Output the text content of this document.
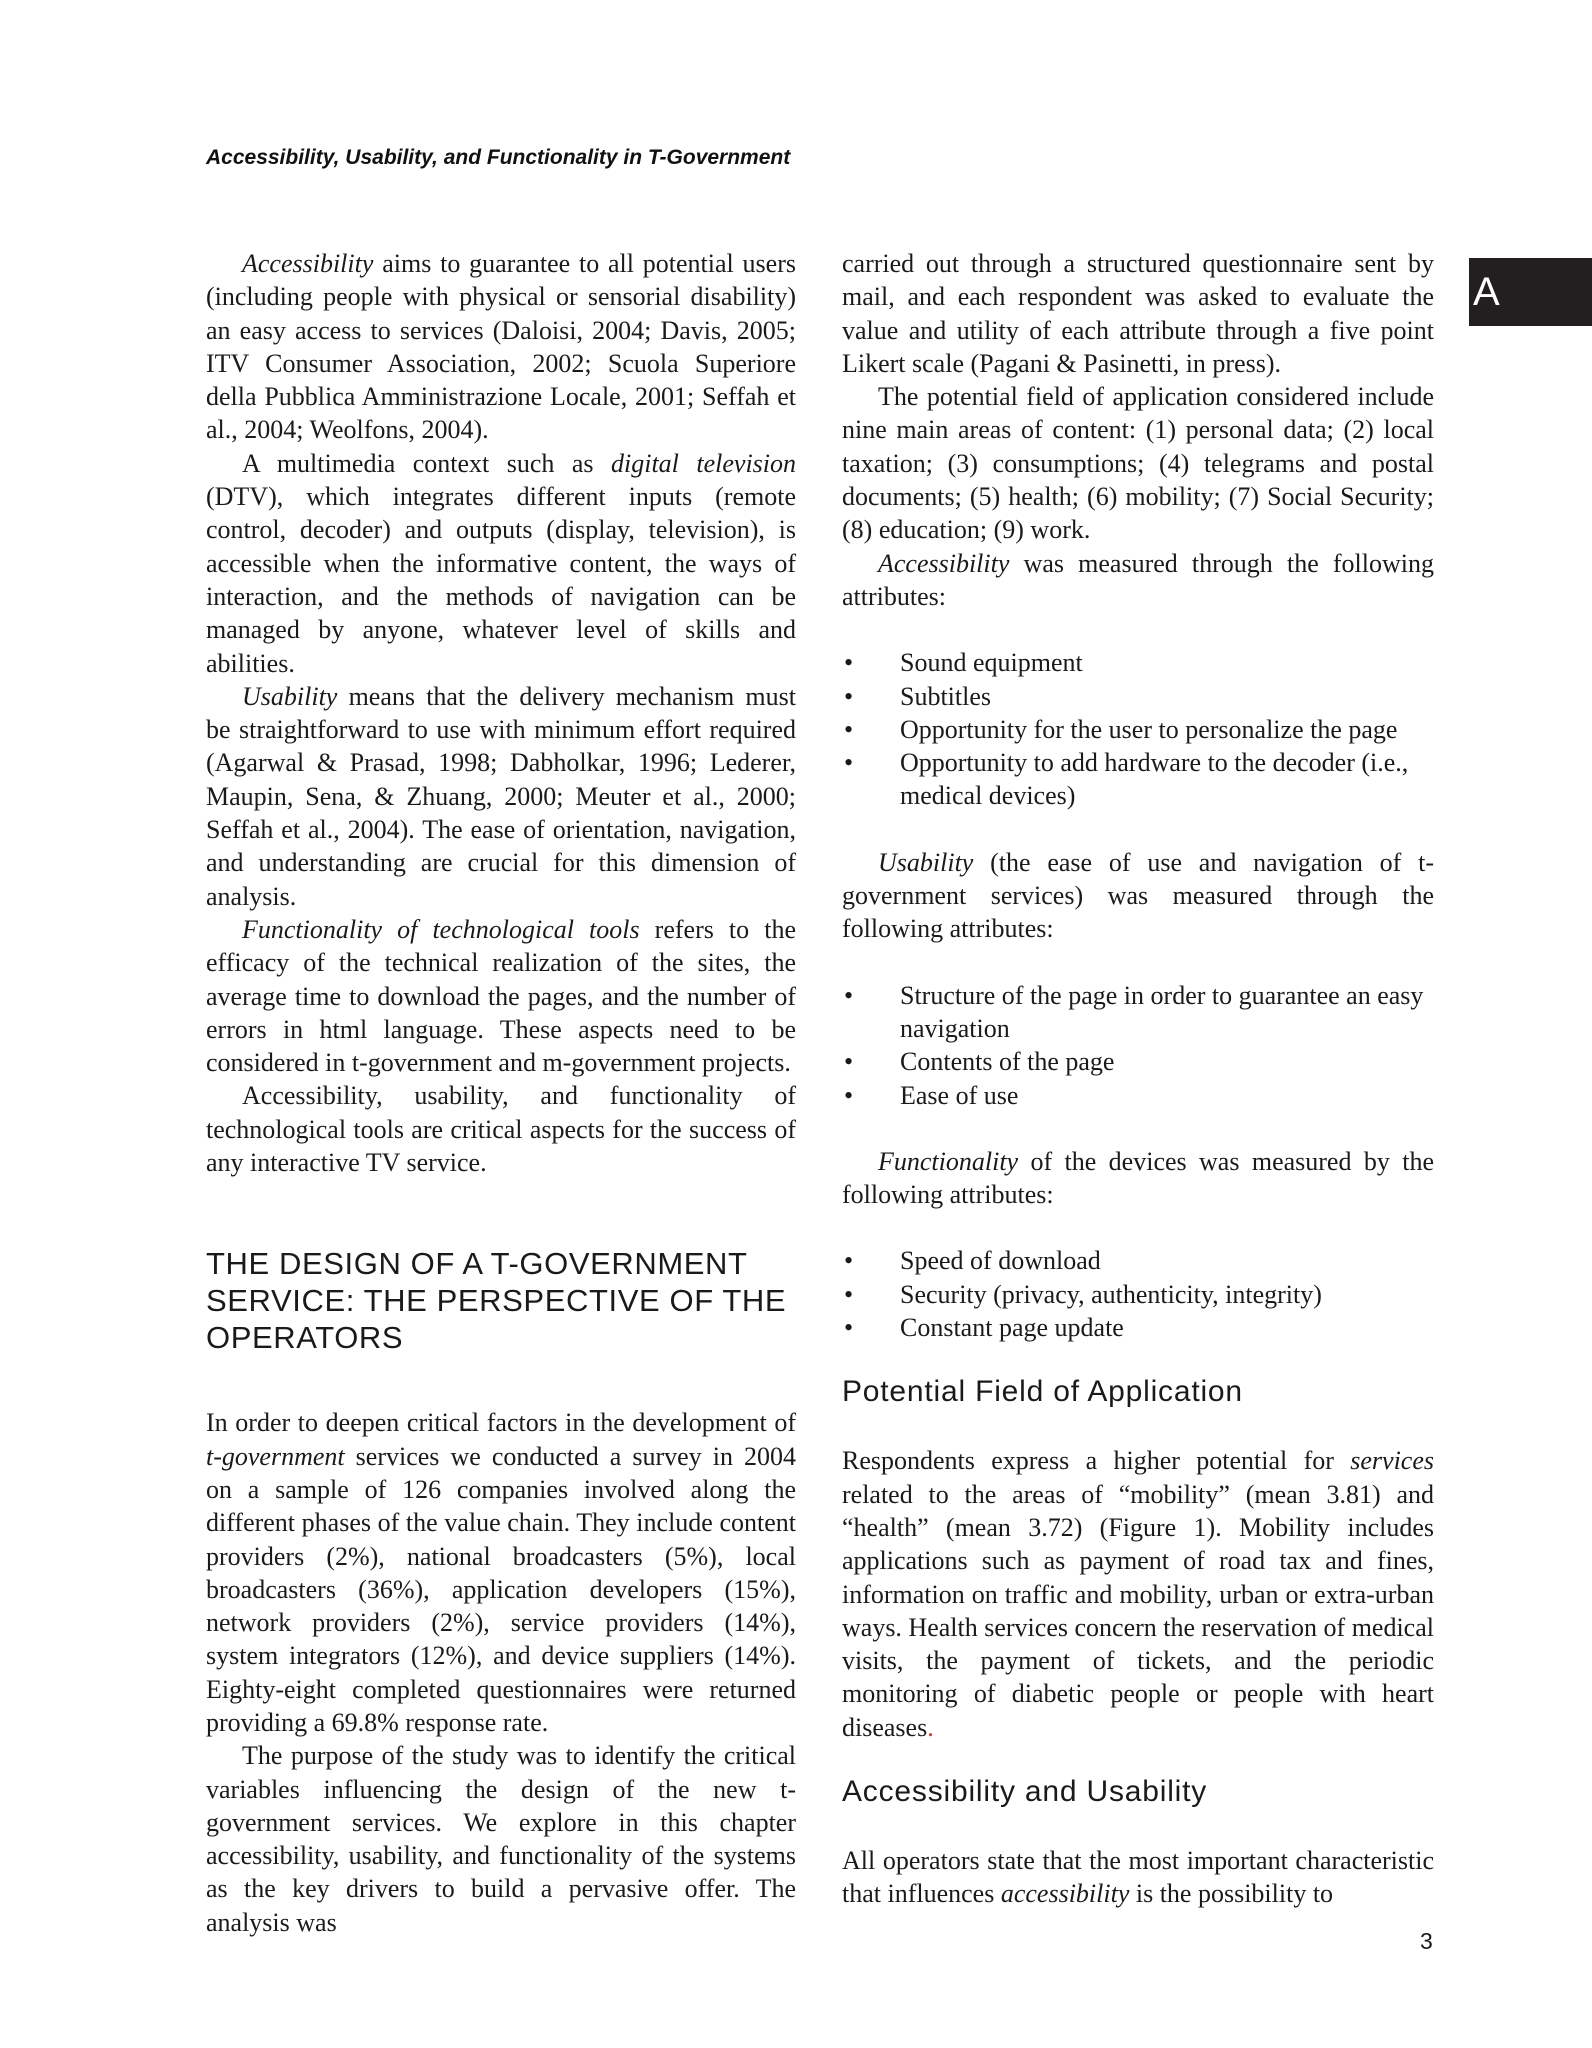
Accessibility, Usability, and Functionality in T-Government
A

Accessibility aims to guarantee to all potential users (including people with physical or sensorial disability) an easy access to services (Daloisi, 2004; Davis, 2005; ITV Consumer Association, 2002; Scuola Superiore della Pubblica Amministrazione Locale, 2001; Seffah et al., 2004; Weolfons, 2004).

A multimedia context such as digital television (DTV), which integrates different inputs (remote control, decoder) and outputs (display, television), is accessible when the informative content, the ways of interaction, and the methods of navigation can be managed by anyone, whatever level of skills and abilities.

Usability means that the delivery mechanism must be straightforward to use with minimum effort required (Agarwal & Prasad, 1998; Dabholkar, 1996; Lederer, Maupin, Sena, & Zhuang, 2000; Meuter et al., 2000; Seffah et al., 2004). The ease of orientation, navigation, and understanding are crucial for this dimension of analysis.

Functionality of technological tools refers to the efficacy of the technical realization of the sites, the average time to download the pages, and the number of errors in html language. These aspects need to be considered in t-government and m-government projects.

Accessibility, usability, and functionality of technological tools are critical aspects for the success of any interactive TV service.

THE DESIGN OF A T-GOVERNMENT SERVICE: THE PERSPECTIVE OF THE OPERATORS

In order to deepen critical factors in the development of t-government services we conducted a survey in 2004 on a sample of 126 companies involved along the different phases of the value chain. They include content providers (2%), national broadcasters (5%), local broadcasters (36%), application developers (15%), network providers (2%), service providers (14%), system integrators (12%), and device suppliers (14%). Eighty-eight completed questionnaires were returned providing a 69.8% response rate.

The purpose of the study was to identify the critical variables influencing the design of the new t-government services. We explore in this chapter accessibility, usability, and functionality of the systems as the key drivers to build a pervasive offer. The analysis was

carried out through a structured questionnaire sent by mail, and each respondent was asked to evaluate the value and utility of each attribute through a five point Likert scale (Pagani & Pasinetti, in press).

The potential field of application considered include nine main areas of content: (1) personal data; (2) local taxation; (3) consumptions; (4) telegrams and postal documents; (5) health; (6) mobility; (7) Social Security; (8) education; (9) work.

Accessibility was measured through the following attributes:

• Sound equipment
• Subtitles
• Opportunity for the user to personalize the page
• Opportunity to add hardware to the decoder (i.e., medical devices)

Usability (the ease of use and navigation of t-government services) was measured through the following attributes:

• Structure of the page in order to guarantee an easy navigation
• Contents of the page
• Ease of use

Functionality of the devices was measured by the following attributes:

• Speed of download
• Security (privacy, authenticity, integrity)
• Constant page update
Potential Field of Application

Respondents express a higher potential for services related to the areas of “mobility” (mean 3.81) and “health” (mean 3.72) (Figure 1). Mobility includes applications such as payment of road tax and fines, information on traffic and mobility, urban or extra-urban ways. Health services concern the reservation of medical visits, the payment of tickets, and the periodic monitoring of diabetic people or people with heart diseases.

Accessibility and Usability

All operators state that the most important characteristic that influences accessibility is the possibility to

3
